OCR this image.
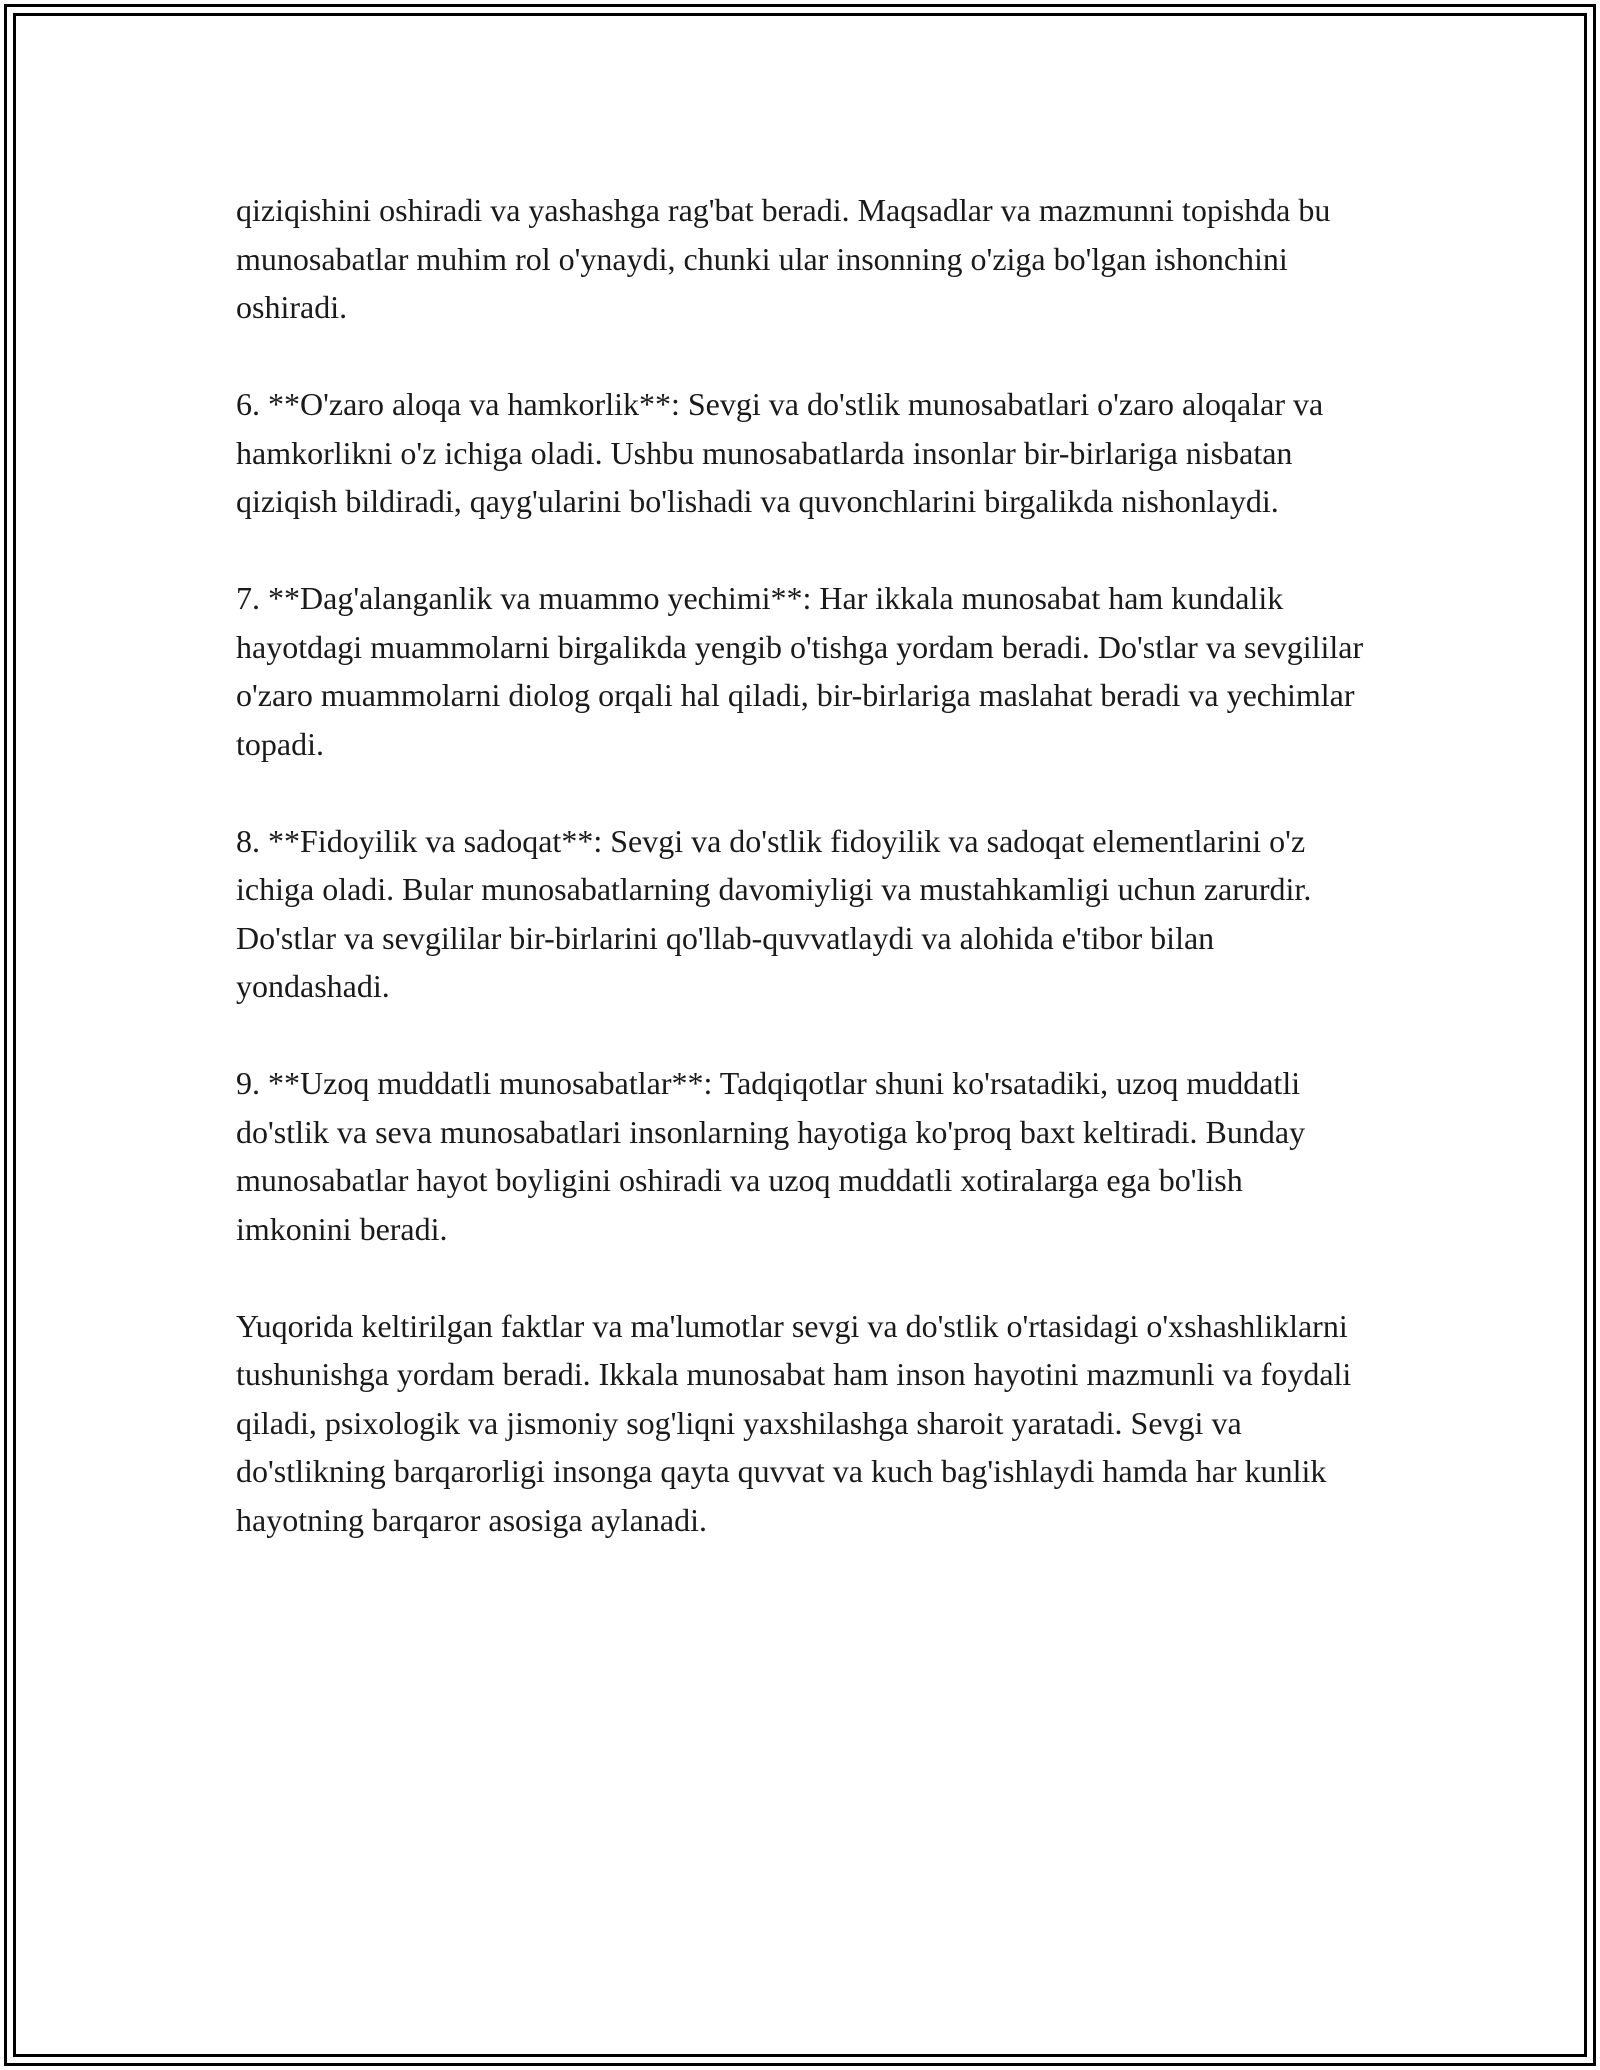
qiziqishini oshiradi va yashashga rag'bat beradi. Maqsadlar va mazmunni topishda bu munosabatlar muhim rol o'ynaydi, chunki ular insonning o'ziga bo'lgan ishonchini oshiradi.

6. **O'zaro aloqa va hamkorlik**: Sevgi va do'stlik munosabatlari o'zaro aloqalar va hamkorlikni o'z ichiga oladi. Ushbu munosabatlarda insonlar bir-birlariga nisbatan qiziqish bildiradi, qayg'ularini bo'lishadi va quvonchlarini birgalikda nishonlaydi.

7. **Dag'alanganlik va muammo yechimi**: Har ikkala munosabat ham kundalik hayotdagi muammolarni birgalikda yengib o'tishga yordam beradi. Do'stlar va sevgililar o'zaro muammolarni diolog orqali hal qiladi, bir-birlariga maslahat beradi va yechimlar topadi.

8. **Fidoyilik va sadoqat**: Sevgi va do'stlik fidoyilik va sadoqat elementlarini o'z ichiga oladi. Bular munosabatlarning davomiyligi va mustahkamligi uchun zarurdir. Do'stlar va sevgililar bir-birlarini qo'llab-quvvatlaydi va alohida e'tibor bilan yondashadi.

9. **Uzoq muddatli munosabatlar**: Tadqiqotlar shuni ko'rsatadiki, uzoq muddatli do'stlik va seva munosabatlari insonlarning hayotiga ko'proq baxt keltiradi. Bunday munosabatlar hayot boyligini oshiradi va uzoq muddatli xotiralarga ega bo'lish imkonini beradi.

Yuqorida keltirilgan faktlar va ma'lumotlar sevgi va do'stlik o'rtasidagi o'xshashliklarni tushunishga yordam beradi. Ikkala munosabat ham inson hayotini mazmunli va foydali qiladi, psixologik va jismoniy sog'liqni yaxshilashga sharoit yaratadi. Sevgi va do'stlikning barqarorligi insonga qayta quvvat va kuch bag'ishlaydi hamda har kunlik hayotning barqaror asosiga aylanadi.
